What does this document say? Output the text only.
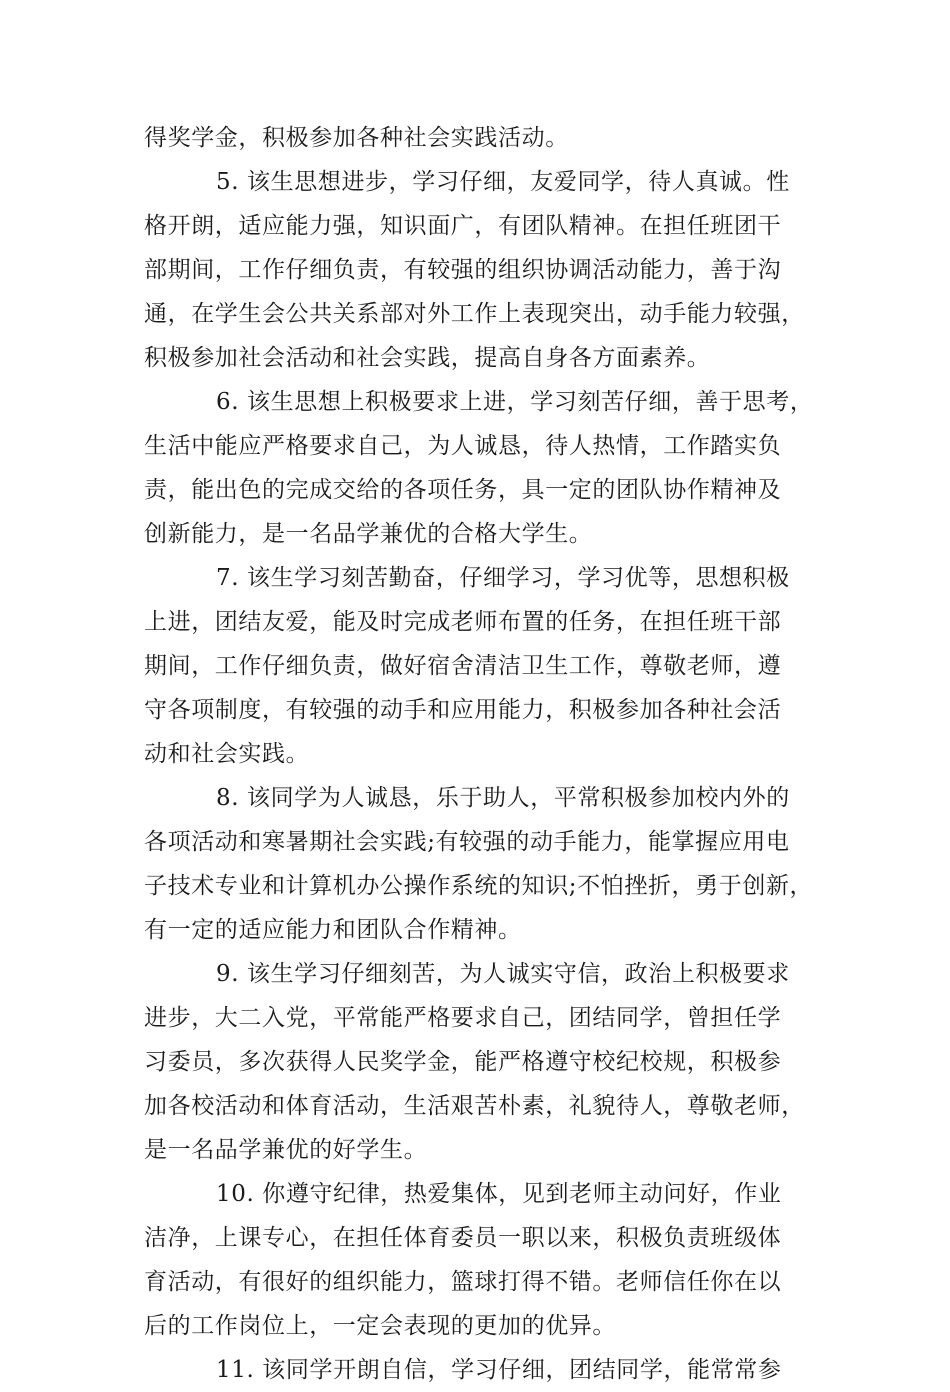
得奖学金，积极参加各种社会实践活动。
5. 该生思想进步，学习仔细，友爱同学，待人真诚。性
格开朗，适应能力强，知识面广，有团队精神。在担任班团干
部期间，工作仔细负责，有较强的组织协调活动能力，善于沟
通，在学生会公共关系部对外工作上表现突出，动手能力较强，
积极参加社会活动和社会实践，提高自身各方面素养。
6. 该生思想上积极要求上进，学习刻苦仔细，善于思考，
生活中能应严格要求自己，为人诚恳，待人热情，工作踏实负
责，能出色的完成交给的各项任务，具一定的团队协作精神及
创新能力，是一名品学兼优的合格大学生。
7. 该生学习刻苦勤奋，仔细学习，学习优等，思想积极
上进，团结友爱，能及时完成老师布置的任务，在担任班干部
期间，工作仔细负责，做好宿舍清洁卫生工作，尊敬老师，遵
守各项制度，有较强的动手和应用能力，积极参加各种社会活
动和社会实践。
8. 该同学为人诚恳，乐于助人，平常积极参加校内外的
各项活动和寒暑期社会实践;有较强的动手能力，能掌握应用电
子技术专业和计算机办公操作系统的知识;不怕挫折，勇于创新，
有一定的适应能力和团队合作精神。
9. 该生学习仔细刻苦，为人诚实守信，政治上积极要求
进步，大二入党，平常能严格要求自己，团结同学，曾担任学
习委员，多次获得人民奖学金，能严格遵守校纪校规，积极参
加各校活动和体育活动，生活艰苦朴素，礼貌待人，尊敬老师，
是一名品学兼优的好学生。
10. 你遵守纪律，热爱集体，见到老师主动问好，作业
洁净，上课专心，在担任体育委员一职以来，积极负责班级体
育活动，有很好的组织能力，篮球打得不错。老师信任你在以
后的工作岗位上，一定会表现的更加的优异。
11. 该同学开朗自信，学习仔细，团结同学，能常常参
